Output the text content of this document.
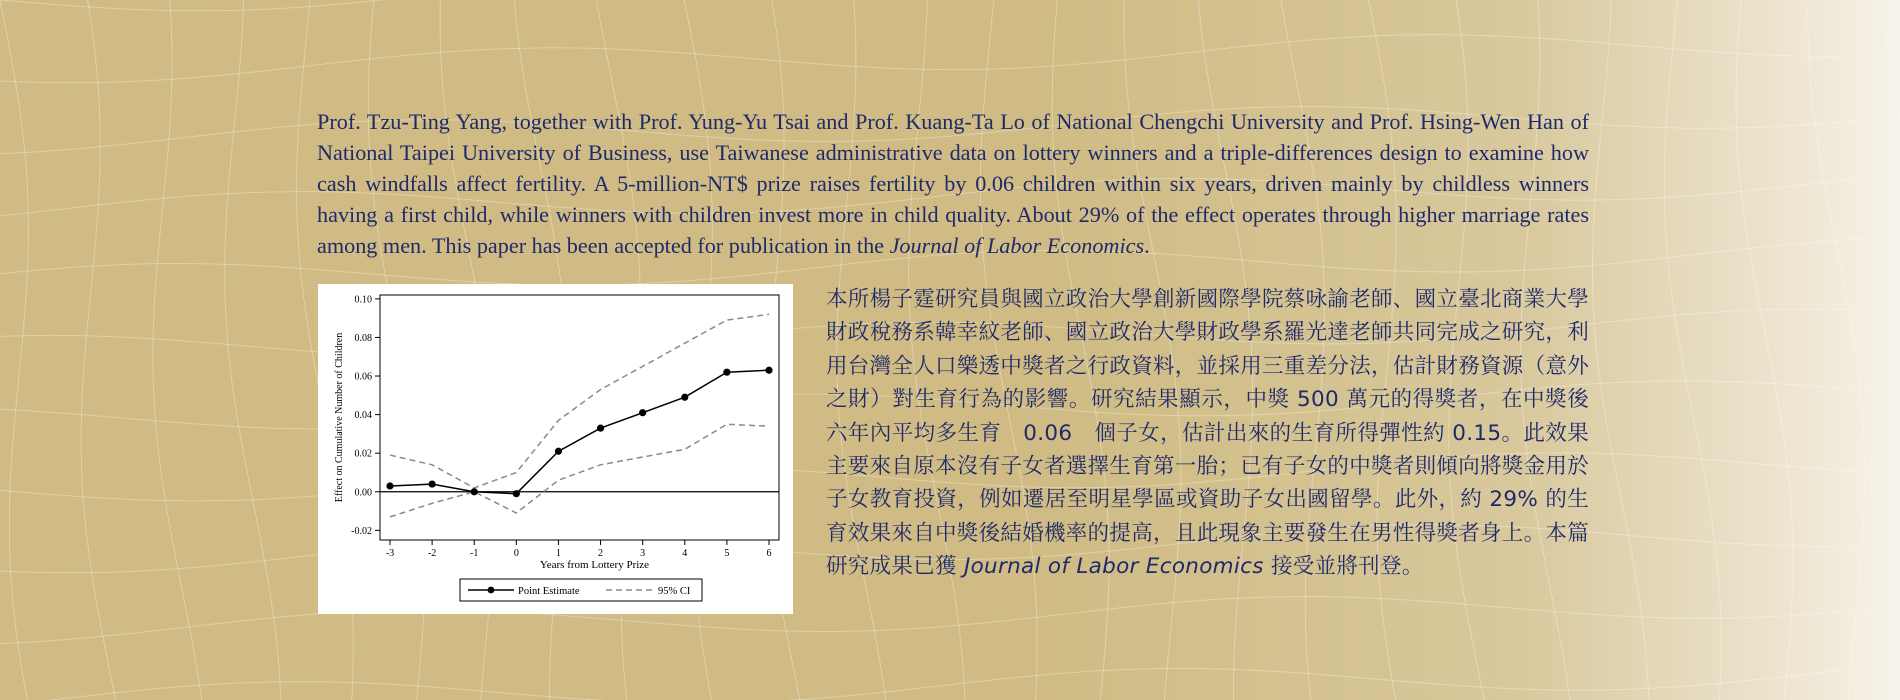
Prof. Tzu-Ting Yang, together with Prof. Yung-Yu Tsai and Prof. Kuang-Ta Lo of National Chengchi University and Prof. Hsing-Wen Han of National Taipei University of Business, use Taiwanese administrative data on lottery winners and a triple-differences design to examine how cash windfalls affect fertility. A 5-million-NT$ prize raises fertility by 0.06 children within six years, driven mainly by childless winners having a first child, while winners with children invest more in child quality. About 29% of the effect operates through higher marriage rates among men. This paper has been accepted for publication in the Journal of Labor Economics.
-0.02
0.00
0.02
0.04
0.06
0.08
0.10
-3	-2	-1	0	1	2	3	4	5	6
Years from Lottery Prize
Effect on Cumulative Number of Children
Point Estimate	95% CI
本所楊子霆研究員與國立政治大學創新國際學院蔡咏諭老師、國立臺北商業大學財政稅務系韓幸紋老師、國立政治大學財政學系羅光達老師共同完成之研究，利用台灣全人口樂透中獎者之行政資料，並採用三重差分法，估計財務資源（意外之財）對生育行為的影響。研究結果顯示，中獎 500 萬元的得獎者，在中獎後六年內平均多生育　0.06　個子女，估計出來的生育所得彈性約 0.15。此效果主要來自原本沒有子女者選擇生育第一胎；已有子女的中獎者則傾向將獎金用於子女教育投資，例如遷居至明星學區或資助子女出國留學。此外，約 29% 的生育效果來自中獎後結婚機率的提高，且此現象主要發生在男性得獎者身上。本篇研究成果已獲 Journal of Labor Economics 接受並將刊登。
